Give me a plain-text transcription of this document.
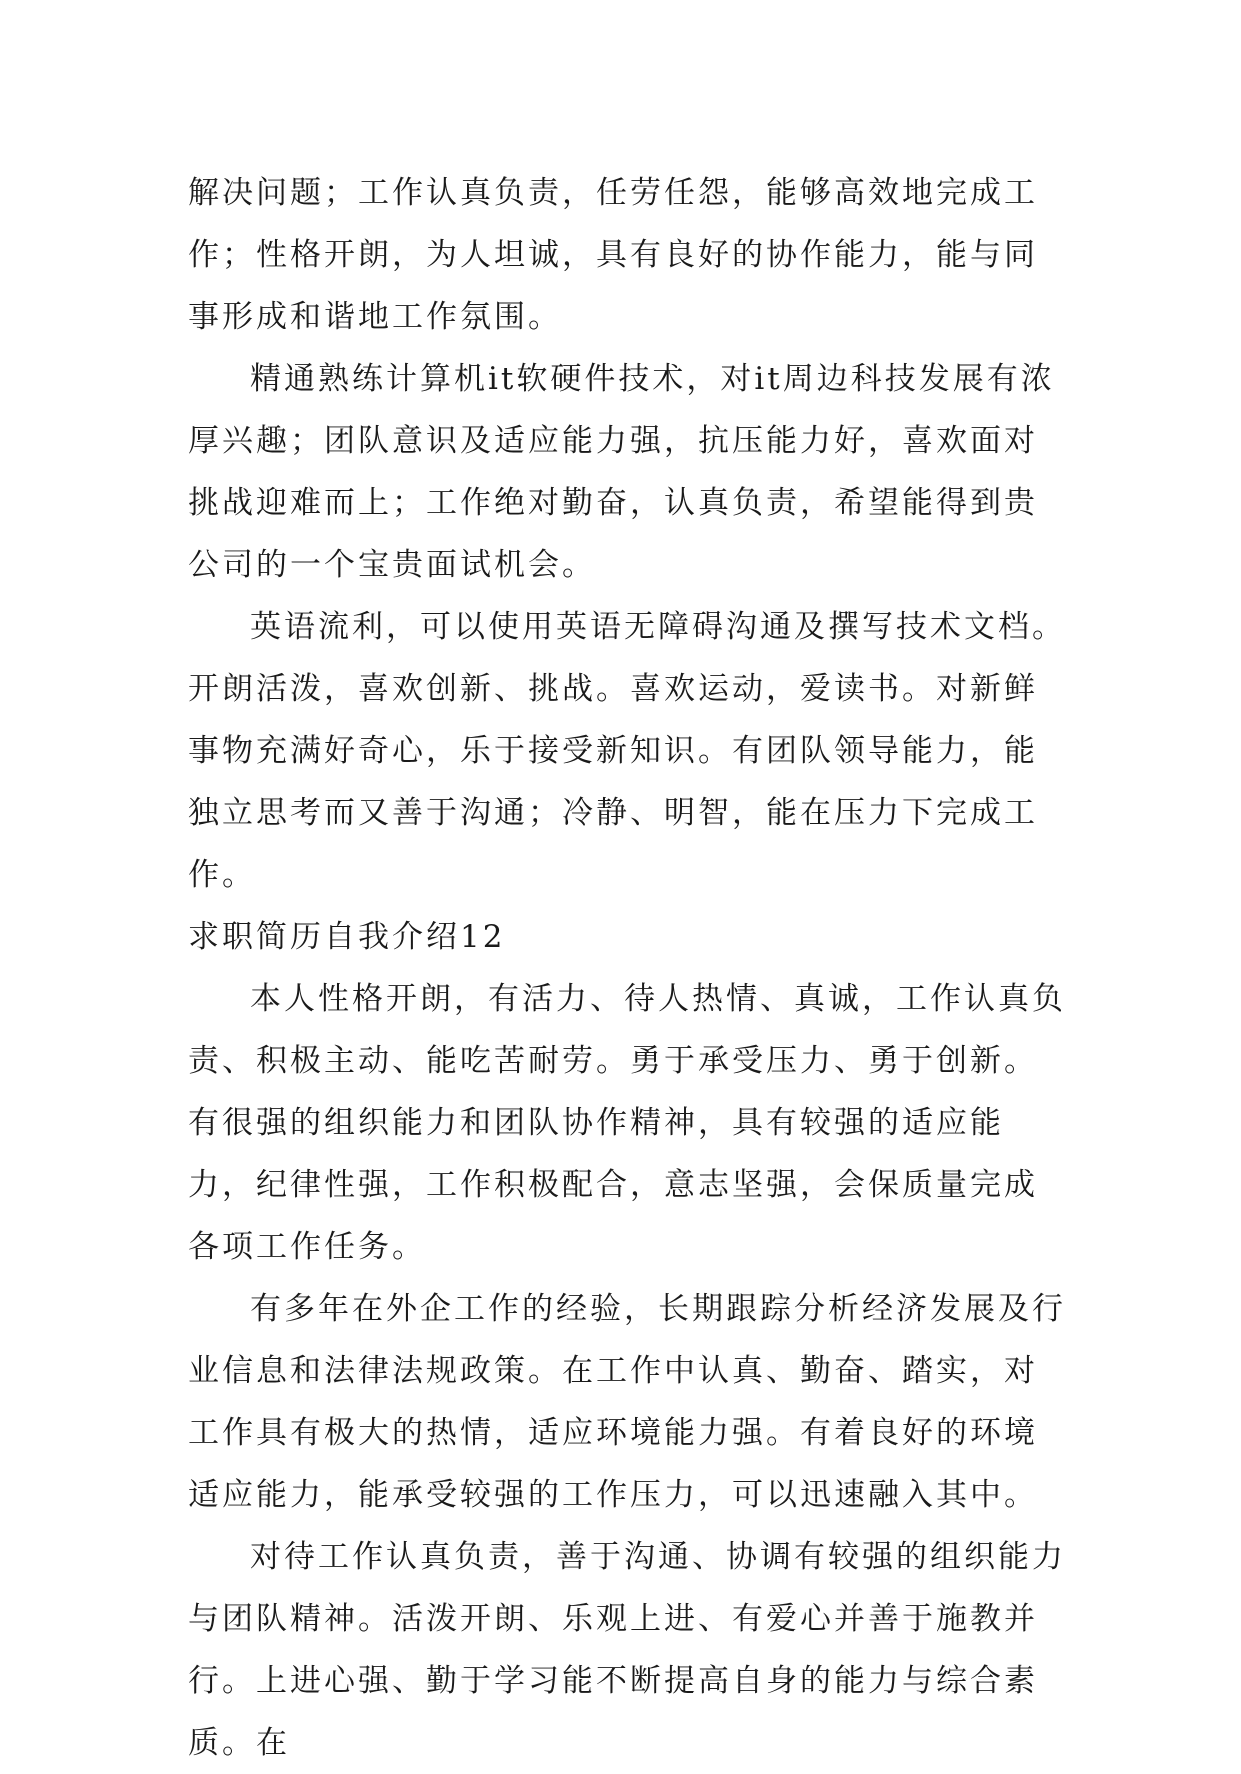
解决问题；工作认真负责，任劳任怨，能够高效地完成工作；性格开朗，为人坦诚，具有良好的协作能力，能与同事形成和谐地工作氛围。

精通熟练计算机it软硬件技术，对it周边科技发展有浓厚兴趣；团队意识及适应能力强，抗压能力好，喜欢面对挑战迎难而上；工作绝对勤奋，认真负责，希望能得到贵公司的一个宝贵面试机会。

英语流利，可以使用英语无障碍沟通及撰写技术文档。开朗活泼，喜欢创新、挑战。喜欢运动，爱读书。对新鲜事物充满好奇心，乐于接受新知识。有团队领导能力，能独立思考而又善于沟通；冷静、明智，能在压力下完成工作。

求职简历自我介绍12

本人性格开朗，有活力、待人热情、真诚，工作认真负责、积极主动、能吃苦耐劳。勇于承受压力、勇于创新。有很强的组织能力和团队协作精神，具有较强的适应能力，纪律性强，工作积极配合，意志坚强，会保质量完成各项工作任务。

有多年在外企工作的经验，长期跟踪分析经济发展及行业信息和法律法规政策。在工作中认真、勤奋、踏实，对工作具有极大的热情，适应环境能力强。有着良好的环境适应能力，能承受较强的工作压力，可以迅速融入其中。

对待工作认真负责，善于沟通、协调有较强的组织能力与团队精神。活泼开朗、乐观上进、有爱心并善于施教并行。上进心强、勤于学习能不断提高自身的能力与综合素质。在
